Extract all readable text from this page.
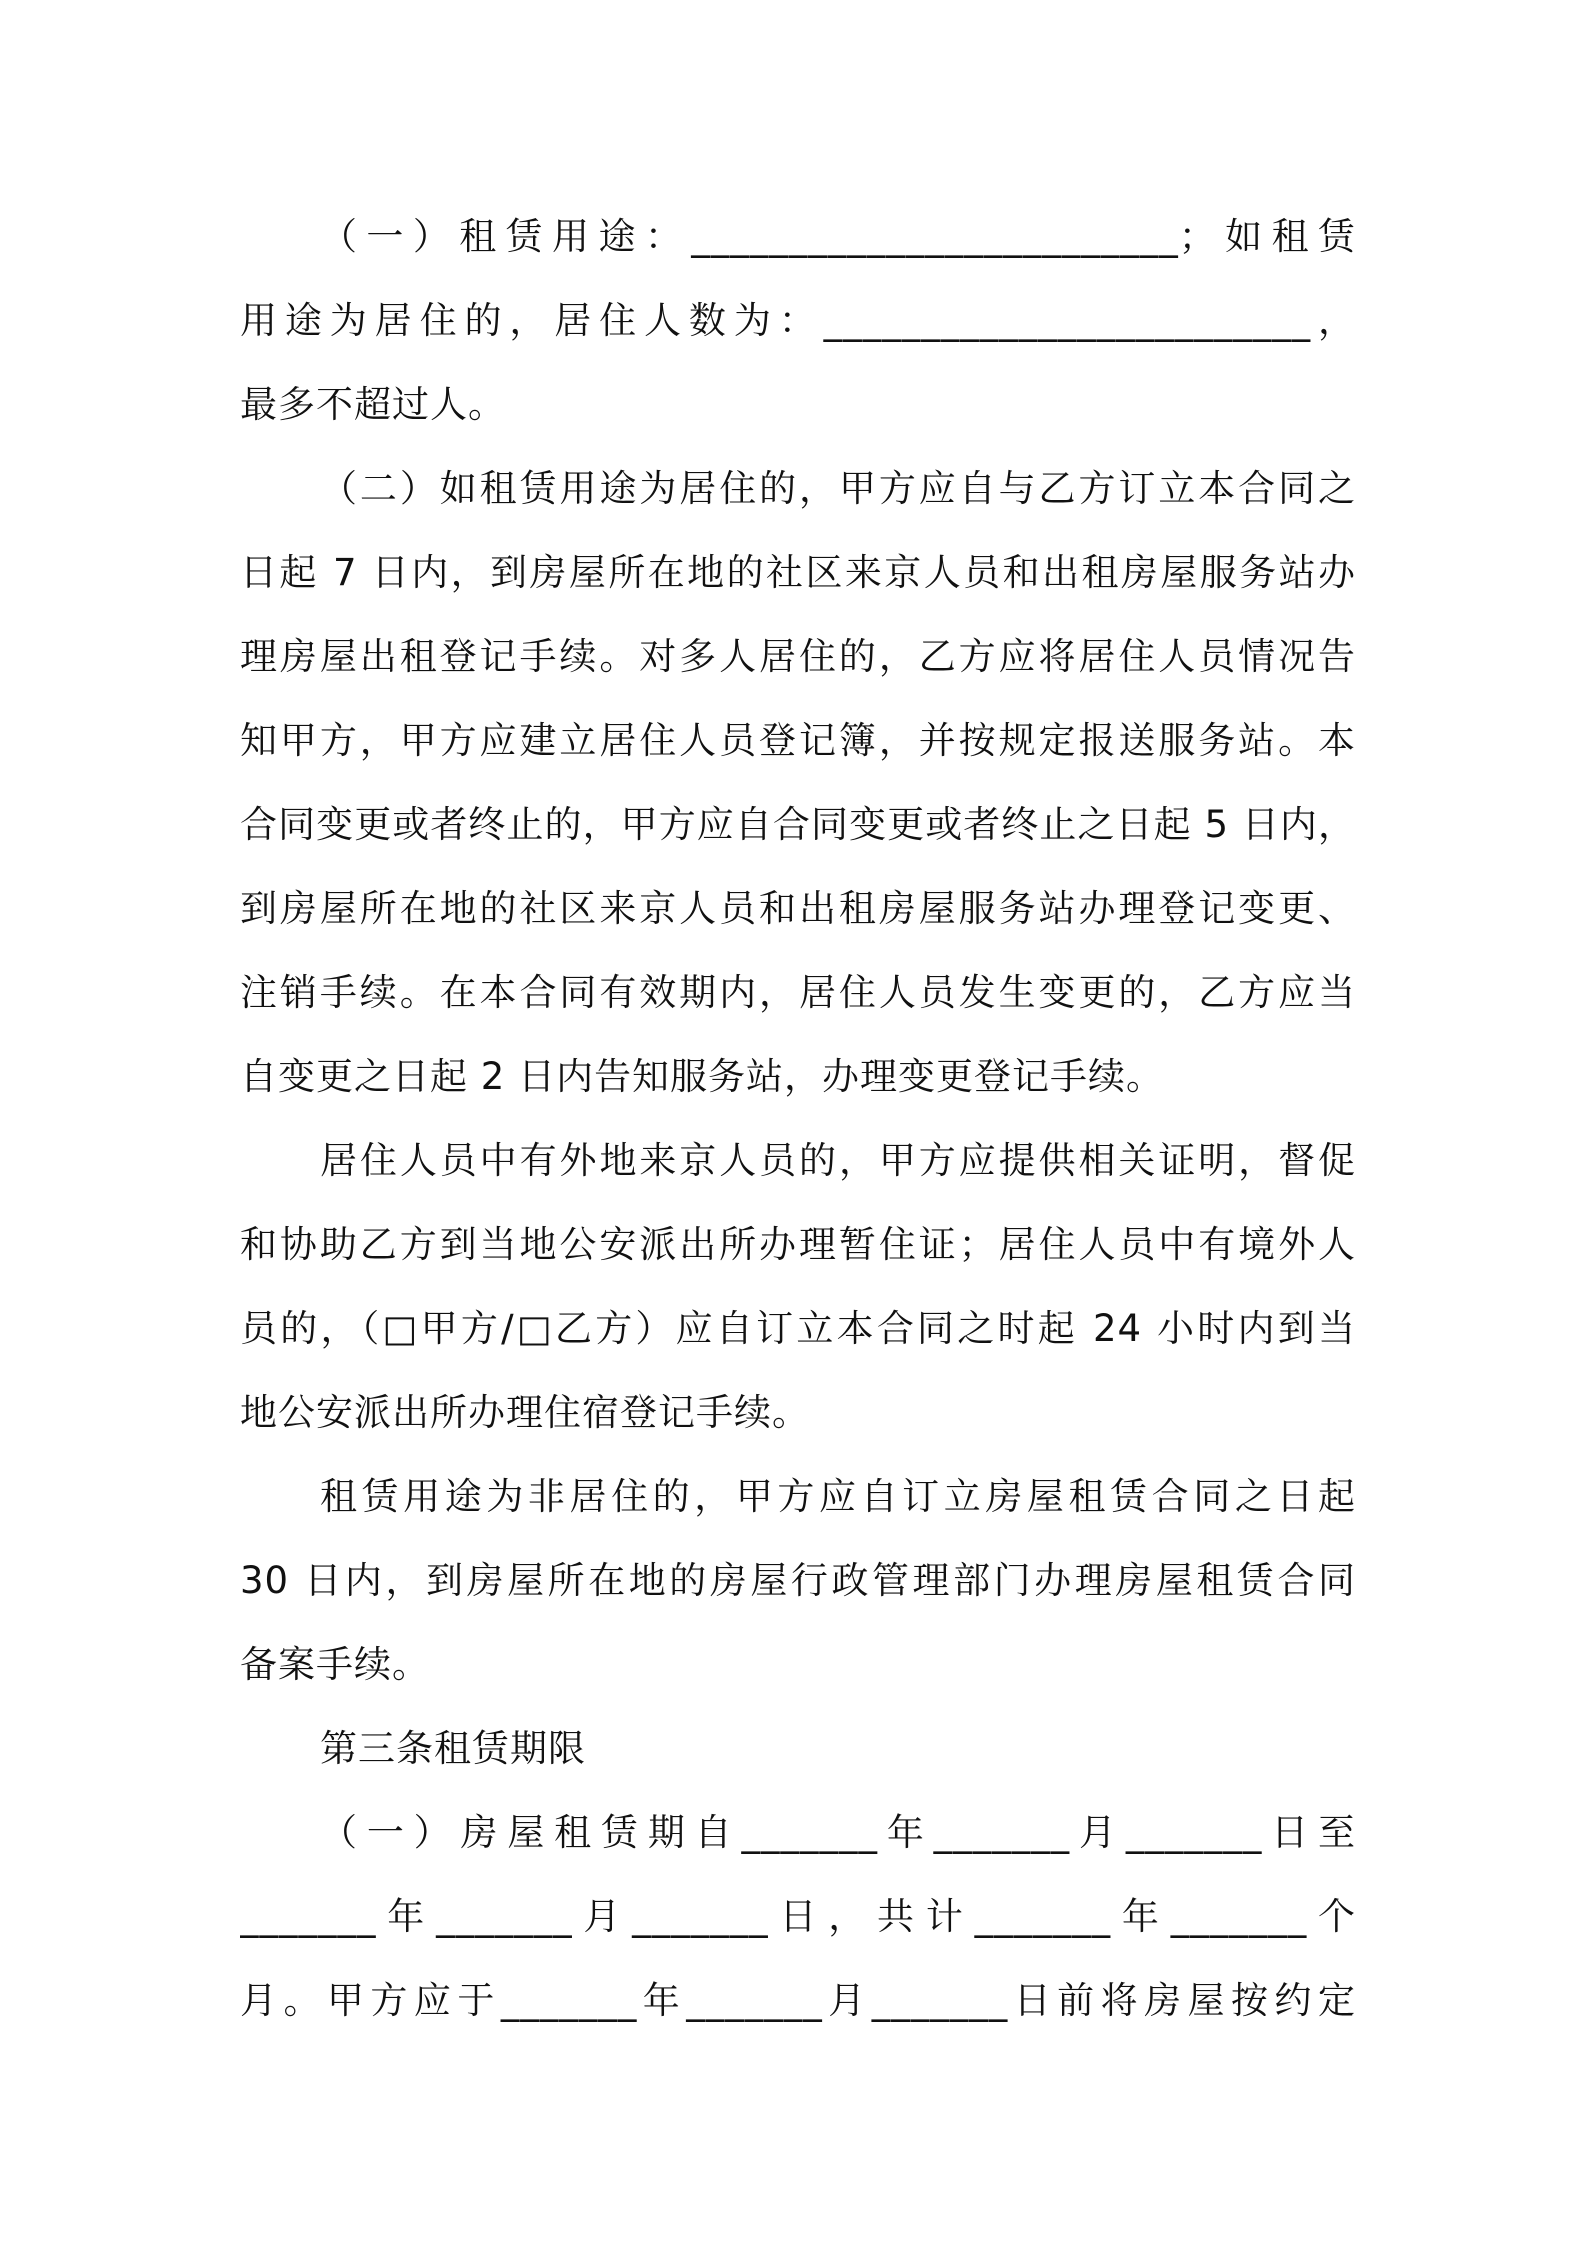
（一）租赁用途：_________________________；如租赁
用途为居住的，居住人数为：_________________________，
最多不超过人。
（二）如租赁用途为居住的，甲方应自与乙方订立本合同之
日起 7 日内，到房屋所在地的社区来京人员和出租房屋服务站办
理房屋出租登记手续。对多人居住的，乙方应将居住人员情况告
知甲方，甲方应建立居住人员登记簿，并按规定报送服务站。本
合同变更或者终止的，甲方应自合同变更或者终止之日起 5 日内，
到房屋所在地的社区来京人员和出租房屋服务站办理登记变更、
注销手续。在本合同有效期内，居住人员发生变更的，乙方应当
自变更之日起 2 日内告知服务站，办理变更登记手续。
居住人员中有外地来京人员的，甲方应提供相关证明，督促
和协助乙方到当地公安派出所办理暂住证；居住人员中有境外人
员的，（□甲方/□乙方）应自订立本合同之时起 24 小时内到当
地公安派出所办理住宿登记手续。
租赁用途为非居住的，甲方应自订立房屋租赁合同之日起
30 日内，到房屋所在地的房屋行政管理部门办理房屋租赁合同
备案手续。
第三条租赁期限
（一）房屋租赁期自_______年_______月_______日至
_______年_______月_______日，共计_______年_______个
月。甲方应于_______年_______月_______日前将房屋按约定
